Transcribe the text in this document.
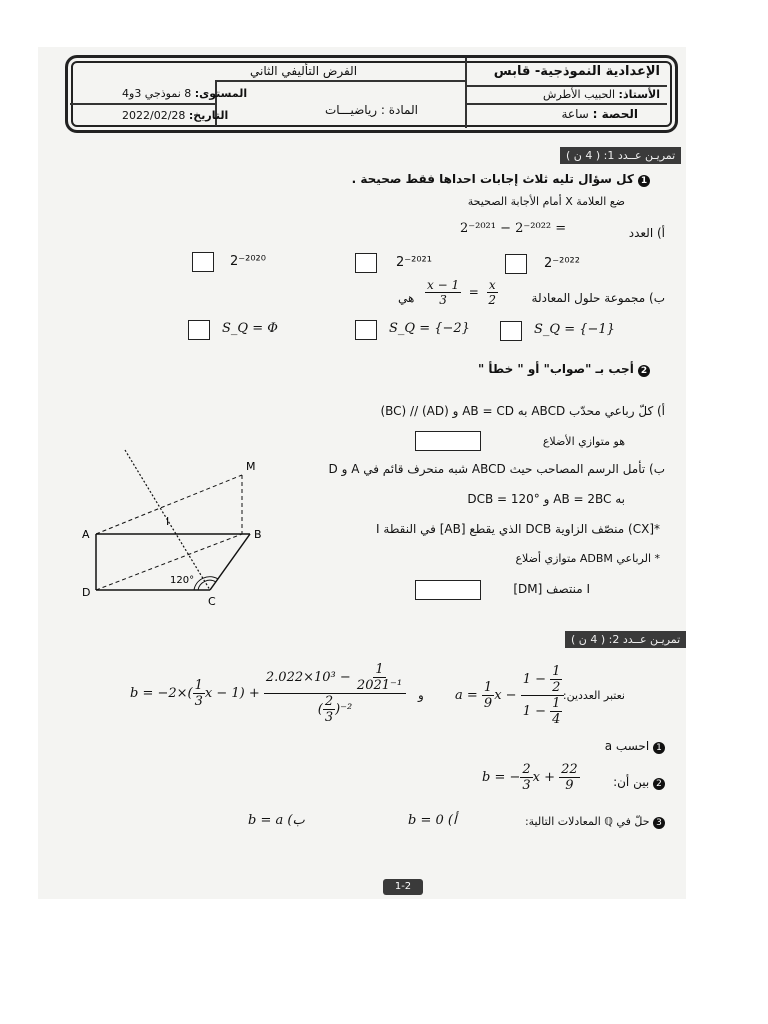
الإعدادية النموذجية- قابس
الأستاذ: الحبيب الأطرش
الحصة : ساعة
الفرض التأليفي الثاني
المادة : رياضيـــات
المستوى: 8 نموذجي 3و4
التاريخ: 2022/02/28
تمريـن عــدد 1: ( 4 ن )
1 كل سؤال تليه ثلاث إجابات احداها فقط صحيحة .
ضع العلامة X أمام الأجابة الصحيحة
أ) العدد
2⁻²⁰²¹ − 2⁻²⁰²² =
2⁻²⁰²⁰	2⁻²⁰²¹	2⁻²⁰²²
ب) مجموعة حلول المعادلة
$\frac{x - 1}{3} = \frac{x}{2}$
هي
S_Q = Φ	S_Q = {−2}	S_Q = {−1}
2 أجب بـ "صواب" أو " خطأ "
أ) كلّ رباعي محدّب ABCD به AB = CD و (AD) // (BC)
هو متوازي الأضلاع
ب) تأمل الرسم المصاحب حيث ABCD شبه منحرف قائم في A و D
به AB = 2BC و DCB = 120°
*[CX) منصّف الزاوية DCB الذي يقطع [AB] في النقطة I
* الرباعي ADBM متوازي أضلاع
I منتصف [DM]
M
A
I
B
D
C
120°
تمريـن عــدد 2: ( 4 ن )
نعتبر العددين:
$a = \frac{1}{9}$ $x - \frac{1 - \frac{1}{2}}{1 - \frac{1}{4}}$
و
$b = -2\times( \frac{1}{3}$ $x - 1) + \frac{2.022\times 10^3 - \frac{1}{\text{2021⁻¹}}}{( \frac{2}{3} )^{-2}}$
1 احسب a
2 بين أن:
b = − $\frac{2}{3}$ $x + \frac{22}{9}$
3 حلّ في ℚ المعادلات التالية:
أ) b = 0
ب) b = a
1-2
